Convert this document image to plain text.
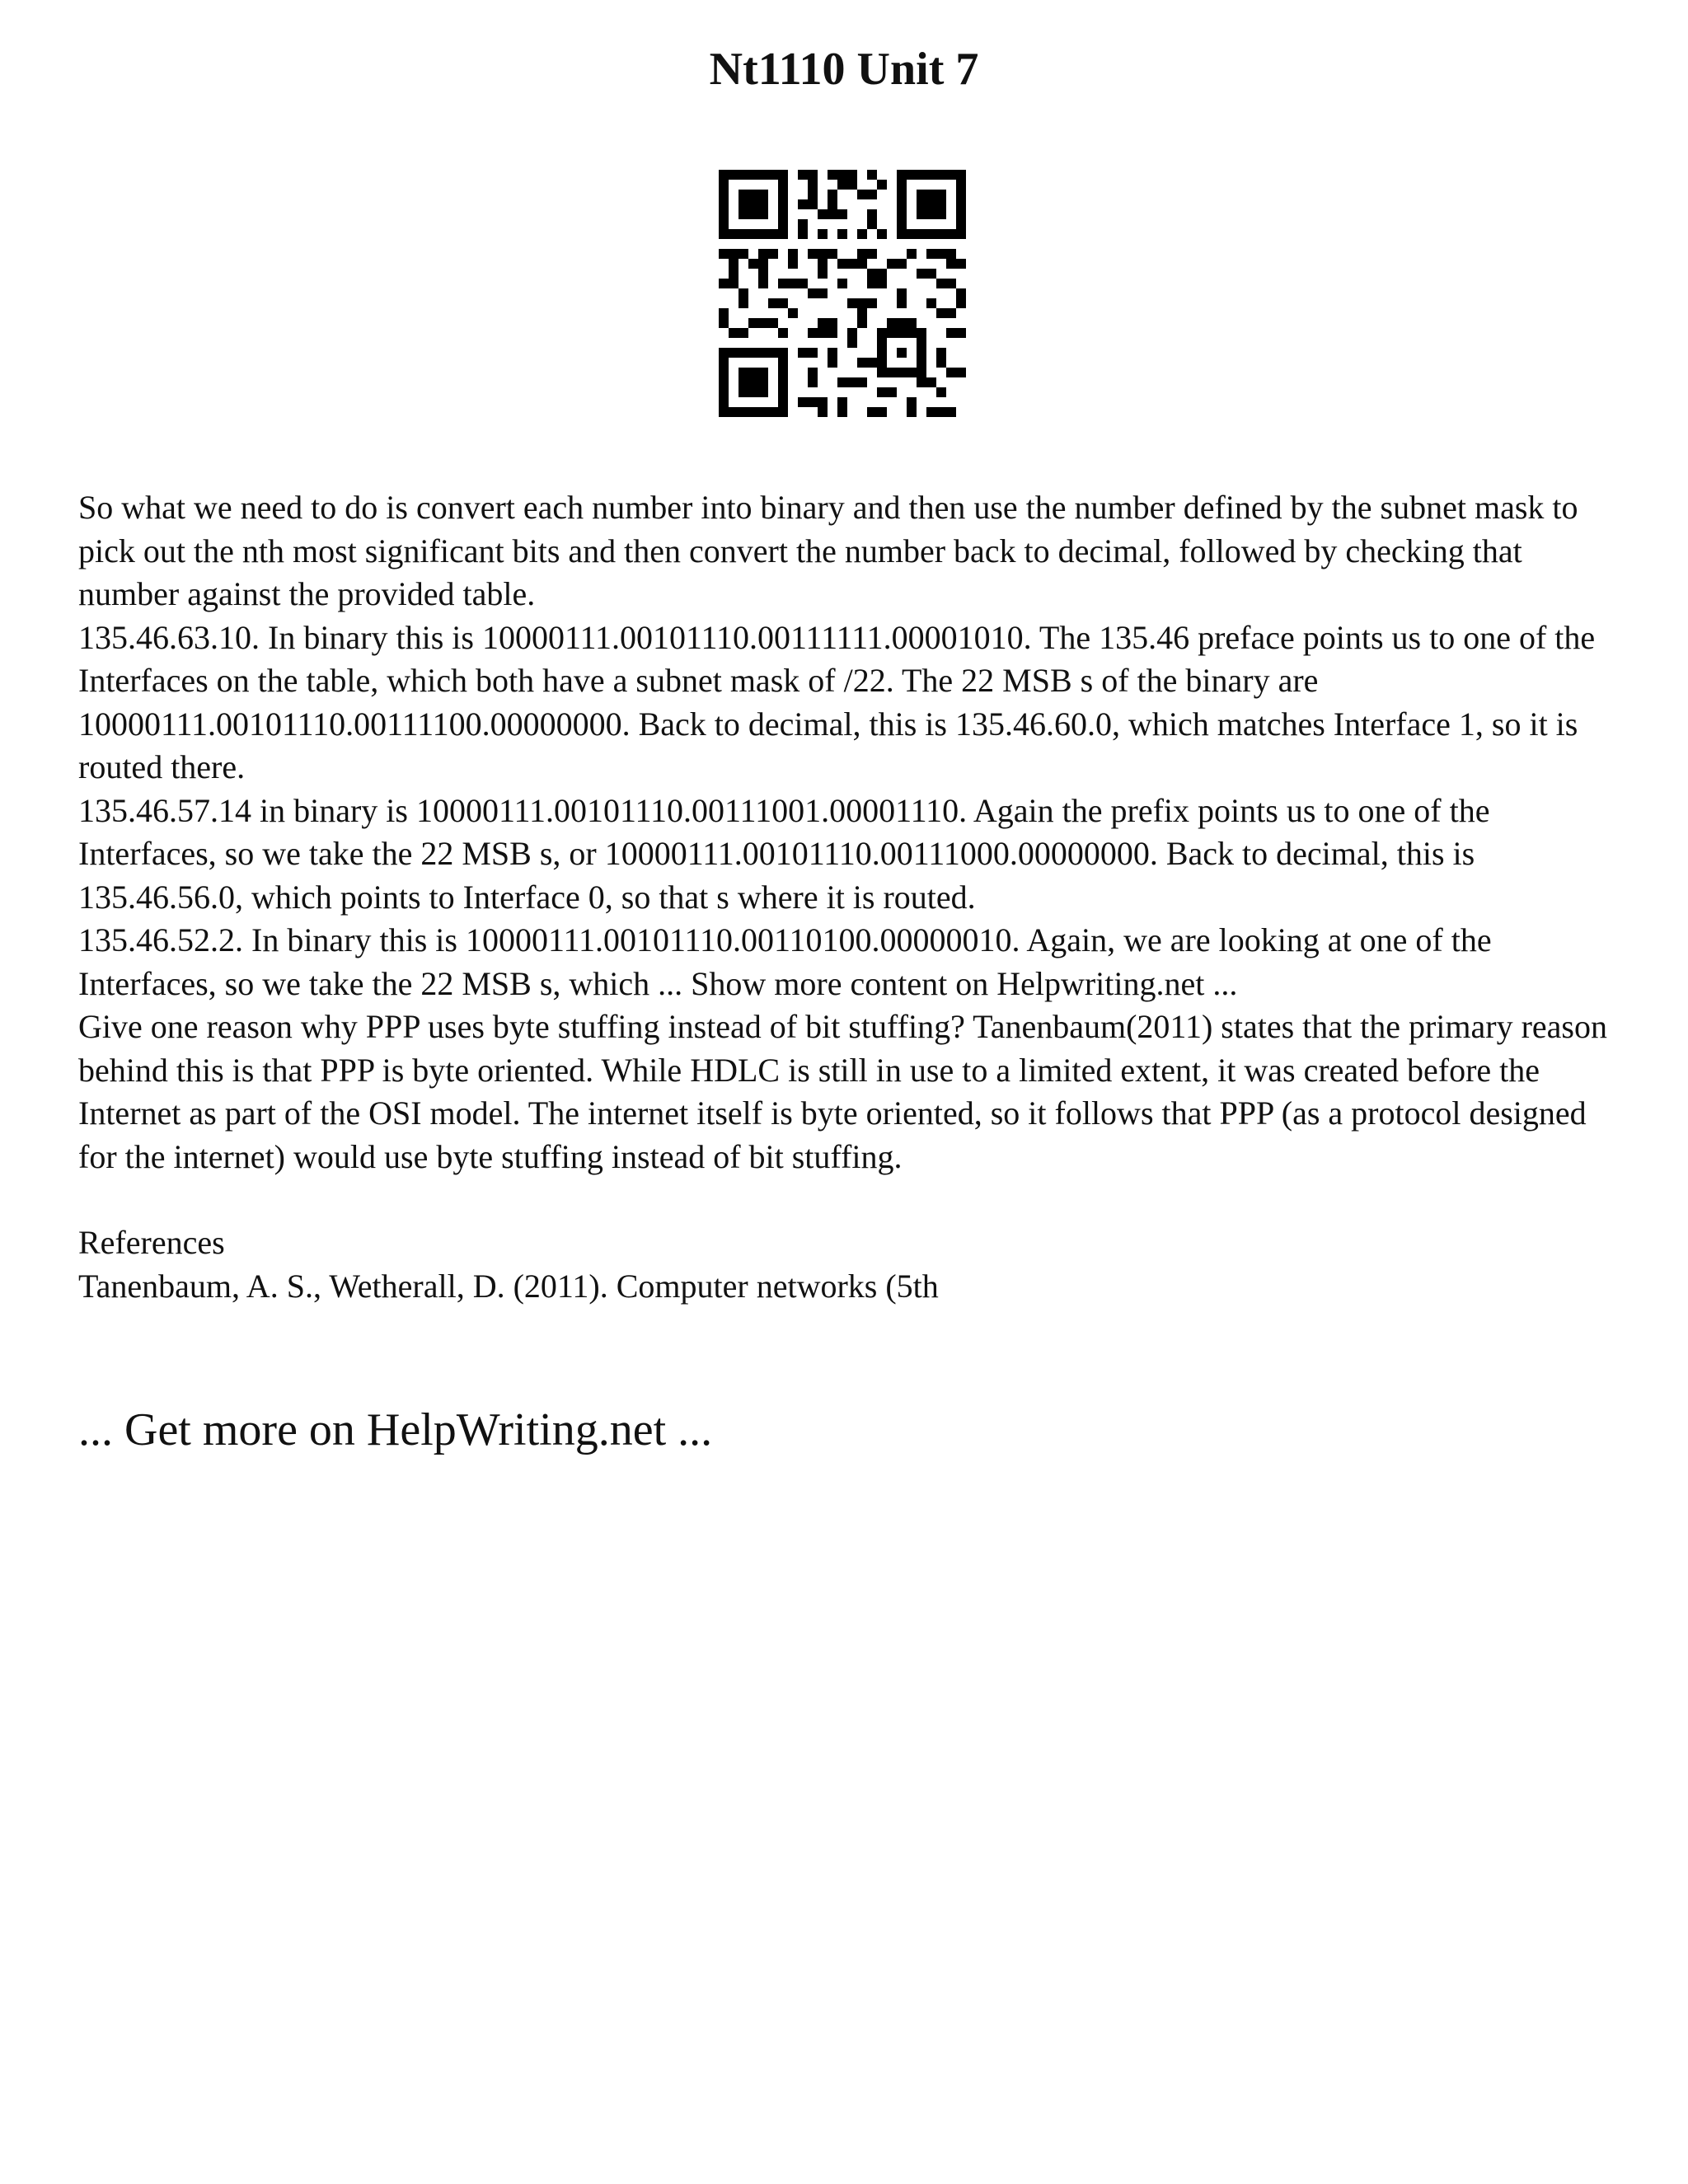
Nt1110 Unit 7

So what we need to do is convert each number into binary and then use the number defined by the subnet mask to pick out the nth most significant bits and then convert the number back to decimal, followed by checking that number against the provided table.

135.46.63.10. In binary this is 10000111.00101110.00111111.00001010. The 135.46 preface points us to one of the Interfaces on the table, which both have a subnet mask of /22. The 22 MSB s of the binary are 10000111.00101110.00111100.00000000. Back to decimal, this is 135.46.60.0, which matches Interface 1, so it is routed there.

135.46.57.14 in binary is 10000111.00101110.00111001.00001110. Again the prefix points us to one of the Interfaces, so we take the 22 MSB s, or 10000111.00101110.00111000.00000000. Back to decimal, this is 135.46.56.0, which points to Interface 0, so that s where it is routed.

135.46.52.2. In binary this is 10000111.00101110.00110100.00000010. Again, we are looking at one of the Interfaces, so we take the 22 MSB s, which ... Show more content on Helpwriting.net ...

Give one reason why PPP uses byte stuffing instead of bit stuffing? Tanenbaum(2011) states that the primary reason behind this is that PPP is byte oriented. While HDLC is still in use to a limited extent, it was created before the Internet as part of the OSI model. The internet itself is byte oriented, so it follows that PPP (as a protocol designed for the internet) would use byte stuffing instead of bit stuffing.

References

Tanenbaum, A. S., Wetherall, D. (2011). Computer networks (5th

... Get more on HelpWriting.net ...
